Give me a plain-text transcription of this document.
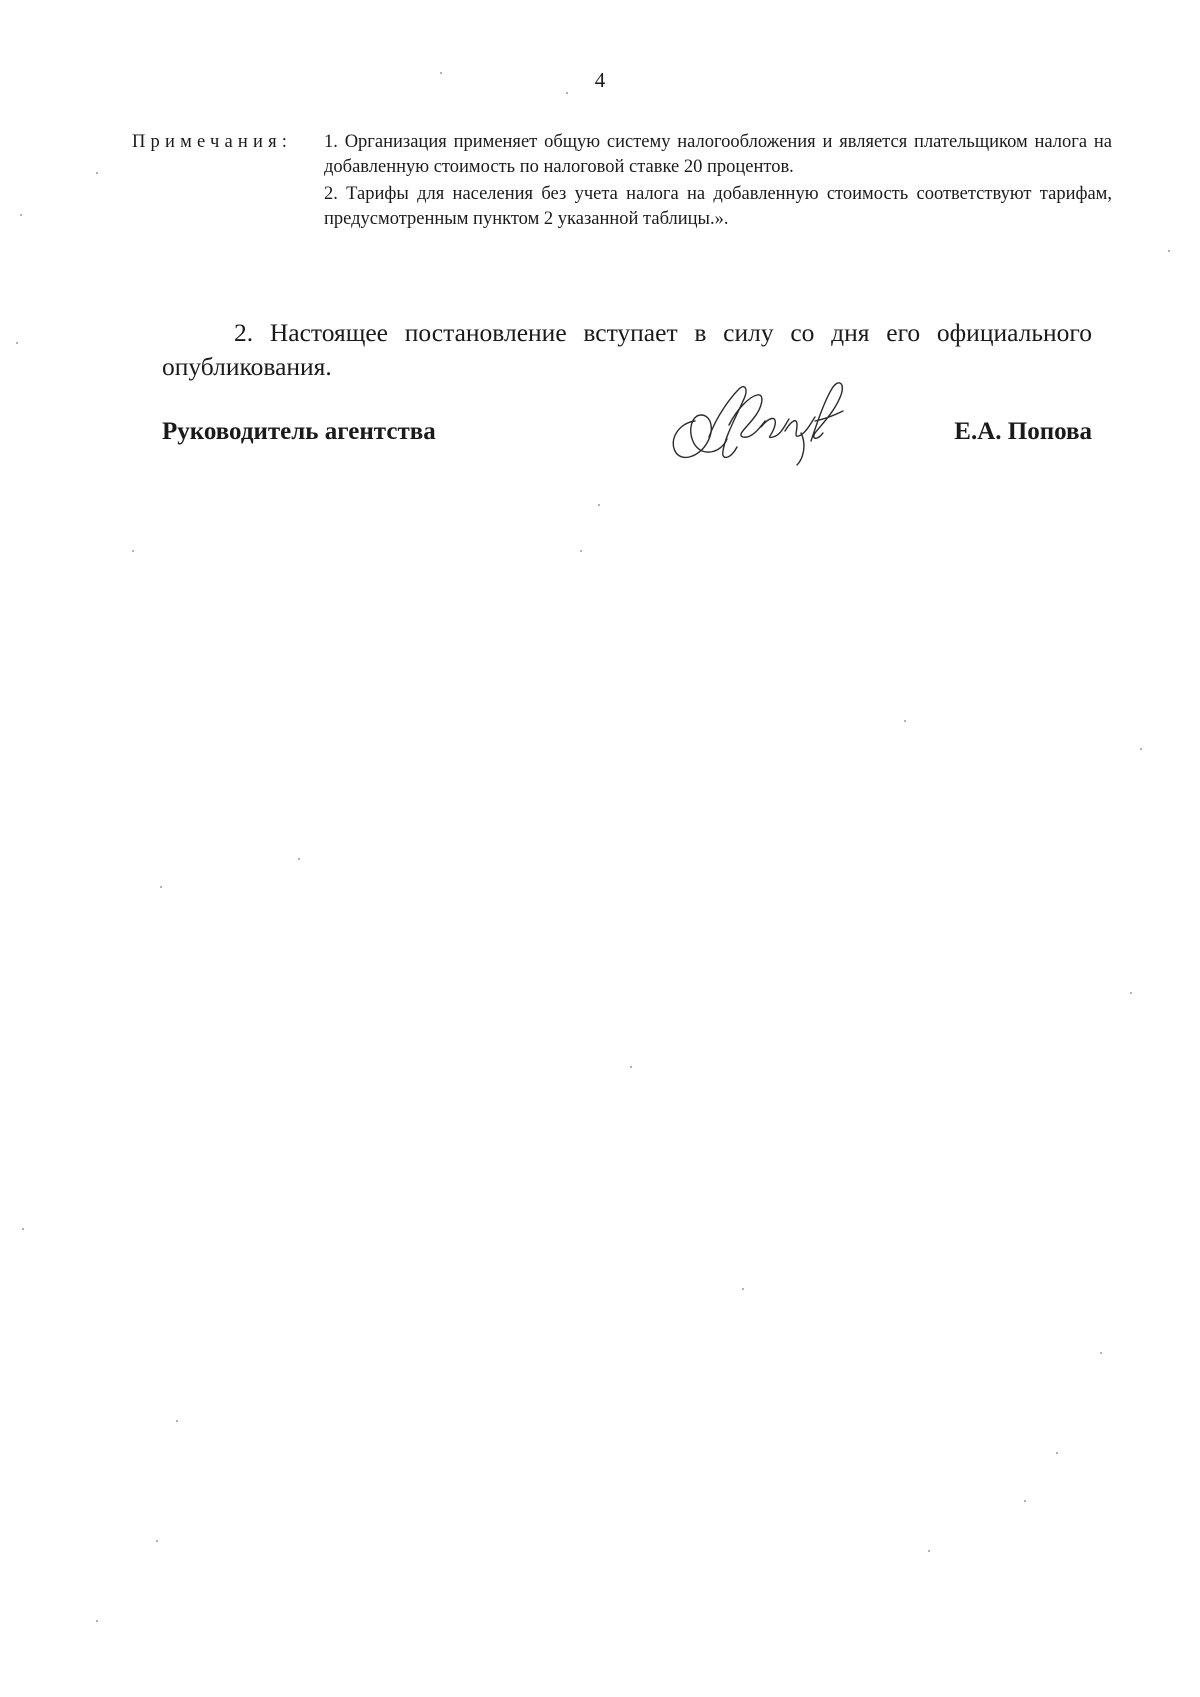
4
Примечания: 1. Организация применяет общую систему налогообложения и является плательщиком налога на добавленную стоимость по налоговой ставке 20 процентов.

2. Тарифы для населения без учета налога на добавленную стоимость соответствуют тарифам, предусмотренным пунктом 2 указанной таблицы.».

2. Настоящее постановление вступает в силу со дня его официального опубликования.

Руководитель агентства	Е.А. Попова
